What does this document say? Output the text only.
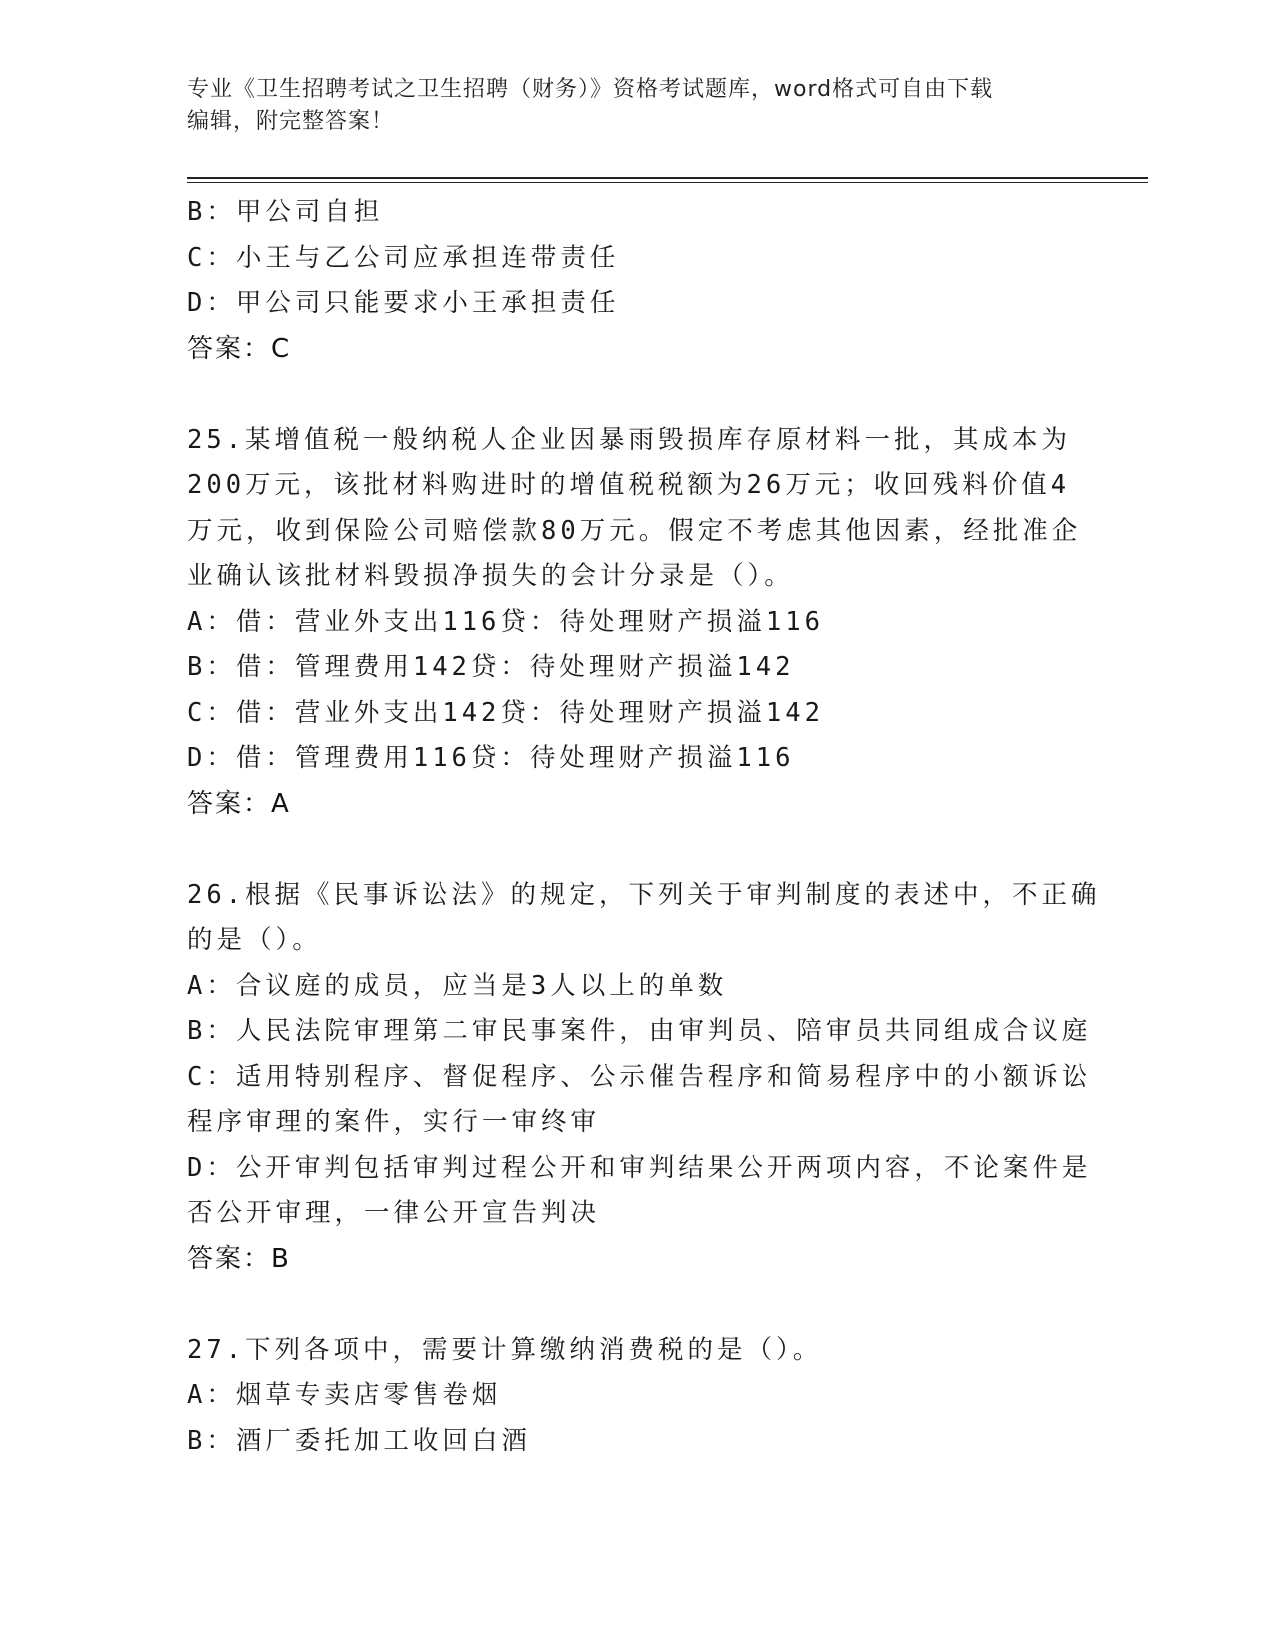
专业《卫生招聘考试之卫生招聘（财务）》资格考试题库，word格式可自由下载
编辑，附完整答案！
B：甲公司自担
C：小王与乙公司应承担连带责任
D：甲公司只能要求小王承担责任
答案：C
25.某增值税一般纳税人企业因暴雨毁损库存原材料一批，其成本为
200万元，该批材料购进时的增值税税额为26万元；收回残料价值4
万元，收到保险公司赔偿款80万元。假定不考虑其他因素，经批准企
业确认该批材料毁损净损失的会计分录是（）。
A：借：营业外支出116贷：待处理财产损溢116
B：借：管理费用142贷：待处理财产损溢142
C：借：营业外支出142贷：待处理财产损溢142
D：借：管理费用116贷：待处理财产损溢116
答案：A
26.根据《民事诉讼法》的规定，下列关于审判制度的表述中，不正确
的是（）。
A：合议庭的成员，应当是3人以上的单数
B：人民法院审理第二审民事案件，由审判员、陪审员共同组成合议庭
C：适用特别程序、督促程序、公示催告程序和简易程序中的小额诉讼
程序审理的案件，实行一审终审
D：公开审判包括审判过程公开和审判结果公开两项内容，不论案件是
否公开审理，一律公开宣告判决
答案：B
27.下列各项中，需要计算缴纳消费税的是（）。
A：烟草专卖店零售卷烟
B：酒厂委托加工收回白酒
